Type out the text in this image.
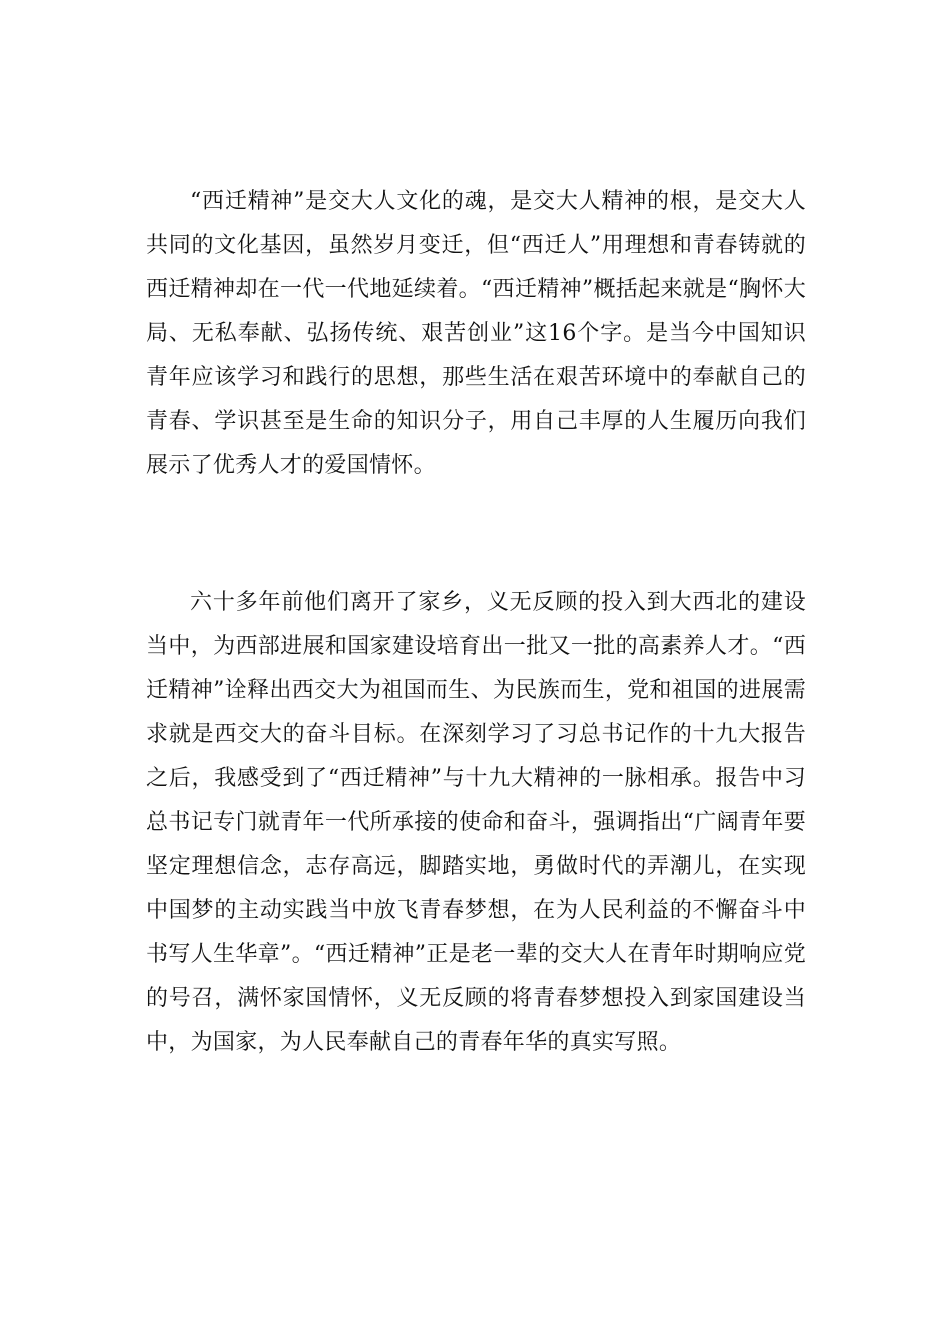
“西迁精神”是交大人文化的魂，是交大人精神的根，是交大人共同的文化基因，虽然岁月变迁，但“西迁人”用理想和青春铸就的西迁精神却在一代一代地延续着。“西迁精神”概括起来就是“胸怀大局、无私奉献、弘扬传统、艰苦创业”这16个字。是当今中国知识青年应该学习和践行的思想，那些生活在艰苦环境中的奉献自己的青春、学识甚至是生命的知识分子，用自己丰厚的人生履历向我们展示了优秀人才的爱国情怀。

六十多年前他们离开了家乡，义无反顾的投入到大西北的建设当中，为西部进展和国家建设培育出一批又一批的高素养人才。“西迁精神”诠释出西交大为祖国而生、为民族而生，党和祖国的进展需求就是西交大的奋斗目标。在深刻学习了习总书记作的十九大报告之后，我感受到了“西迁精神”与十九大精神的一脉相承。报告中习总书记专门就青年一代所承接的使命和奋斗，强调指出“广阔青年要坚定理想信念，志存高远，脚踏实地，勇做时代的弄潮儿，在实现中国梦的主动实践当中放飞青春梦想，在为人民利益的不懈奋斗中书写人生华章”。“西迁精神”正是老一辈的交大人在青年时期响应党的号召，满怀家国情怀，义无反顾的将青春梦想投入到家国建设当中，为国家，为人民奉献自己的青春年华的真实写照。
